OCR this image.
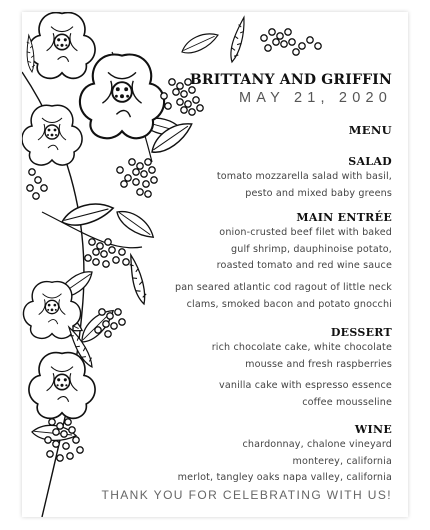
BRITTANY AND GRIFFIN
MAY 21, 2020
MENU
SALAD
tomato mozzarella salad with basil,
pesto and mixed baby greens
MAIN ENTRÉE
onion-crusted beef filet with baked
gulf shrimp, dauphinoise potato,
roasted tomato and red wine sauce
pan seared atlantic cod ragout of little neck
clams, smoked bacon and potato gnocchi
DESSERT
rich chocolate cake, white chocolate
mousse and fresh raspberries
vanilla cake with espresso essence
coffee mousseline
WINE
chardonnay, chalone vineyard
monterey, california
merlot, tangley oaks napa valley, california
THANK YOU FOR CELEBRATING WITH US!
